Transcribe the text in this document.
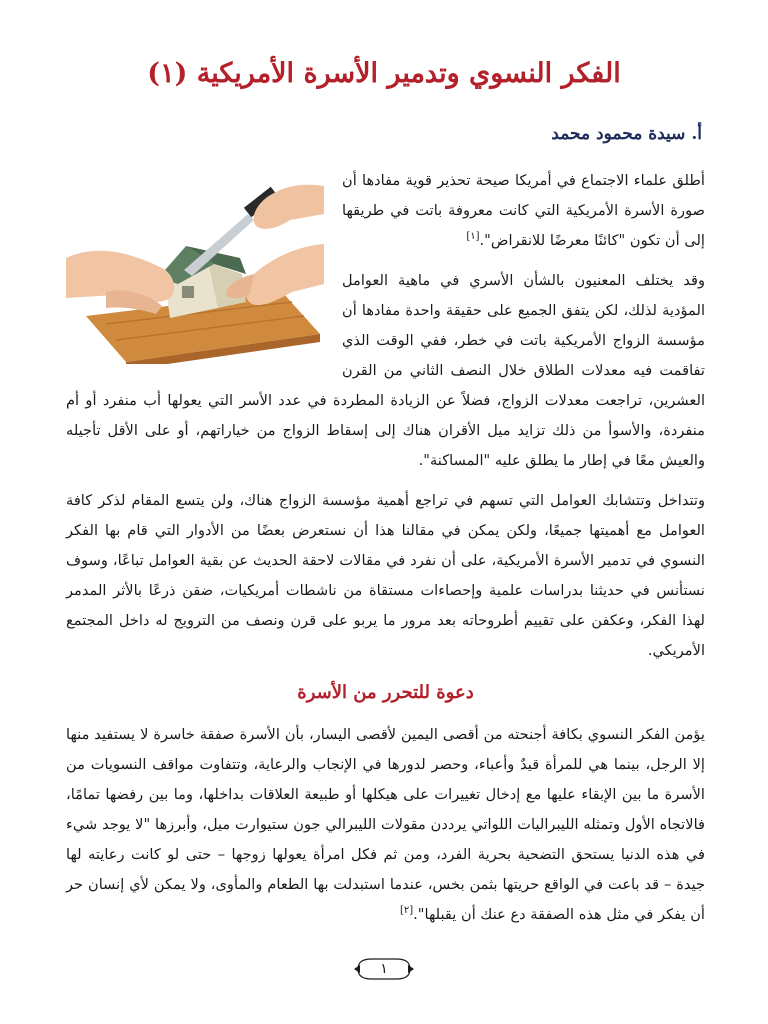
الفكر النسوي وتدمير الأسرة الأمريكية (١)
أ. سيدة محمود محمد

أطلق علماء الاجتماع في أمريكا صيحة تحذير قوية مفادها أن صورة الأسرة الأمريكية التي كانت معروفة باتت في طريقها إلى أن تكون "كائنًا معرضًا للانقراض".[١]

وقد يختلف المعنيون بالشأن الأسري في ماهية العوامل المؤدية لذلك، لكن يتفق الجميع على حقيقة واحدة مفادها أن مؤسسة الزواج الأمريكية باتت في خطر، ففي الوقت الذي تفاقمت فيه معدلات الطلاق خلال النصف الثاني من القرن العشرين، تراجعت معدلات الزواج، فضلاً عن الزيادة المطردة في عدد الأسر التي يعولها أب منفرد أو أم منفردة، والأسوأ من ذلك تزايد ميل الأقران هناك إلى إسقاط الزواج من خياراتهم، أو على الأقل تأجيله والعيش معًا في إطار ما يطلق عليه "المساكنة".

وتتداخل وتتشابك العوامل التي تسهم في تراجع أهمية مؤسسة الزواج هناك، ولن يتسع المقام لذكر كافة العوامل مع أهميتها جميعًا، ولكن يمكن في مقالنا هذا أن نستعرض بعضًا من الأدوار التي قام بها الفكر النسوي في تدمير الأسرة الأمريكية، على أن نفرد في مقالات لاحقة الحديث عن بقية العوامل تباعًا، وسوف نستأنس في حديثنا بدراسات علمية وإحصاءات مستقاة من ناشطات أمريكيات، ضقن ذرعًا بالأثر المدمر لهذا الفكر، وعكفن على تقييم أطروحاته بعد مرور ما يربو على قرن ونصف من الترويج له داخل المجتمع الأمريكي.

دعوة للتحرر من الأسرة

يؤمن الفكر النسوي بكافة أجنحته من أقصى اليمين لأقصى اليسار، بأن الأسرة صفقة خاسرة لا يستفيد منها إلا الرجل، بينما هي للمرأة قيدٌ وأعباء، وحصر لدورها في الإنجاب والرعاية، وتتفاوت مواقف النسويات من الأسرة ما بين الإبقاء عليها مع إدخال تغييرات على هيكلها أو طبيعة العلاقات بداخلها، وما بين رفضها تمامًا، فالاتجاه الأول وتمثله الليبراليات اللواتي يرددن مقولات الليبرالي جون ستيوارت ميل، وأبرزها "لا يوجد شيء في هذه الدنيا يستحق التضحية بحرية الفرد، ومن ثم فكل امرأة يعولها زوجها – حتى لو كانت رعايته لها جيدة – قد باعت في الواقع حريتها بثمن بخس، عندما استبدلت بها الطعام والمأوى، ولا يمكن لأي إنسان حر أن يفكر في مثل هذه الصفقة دع عنك أن يقبلها".[٢]

١
